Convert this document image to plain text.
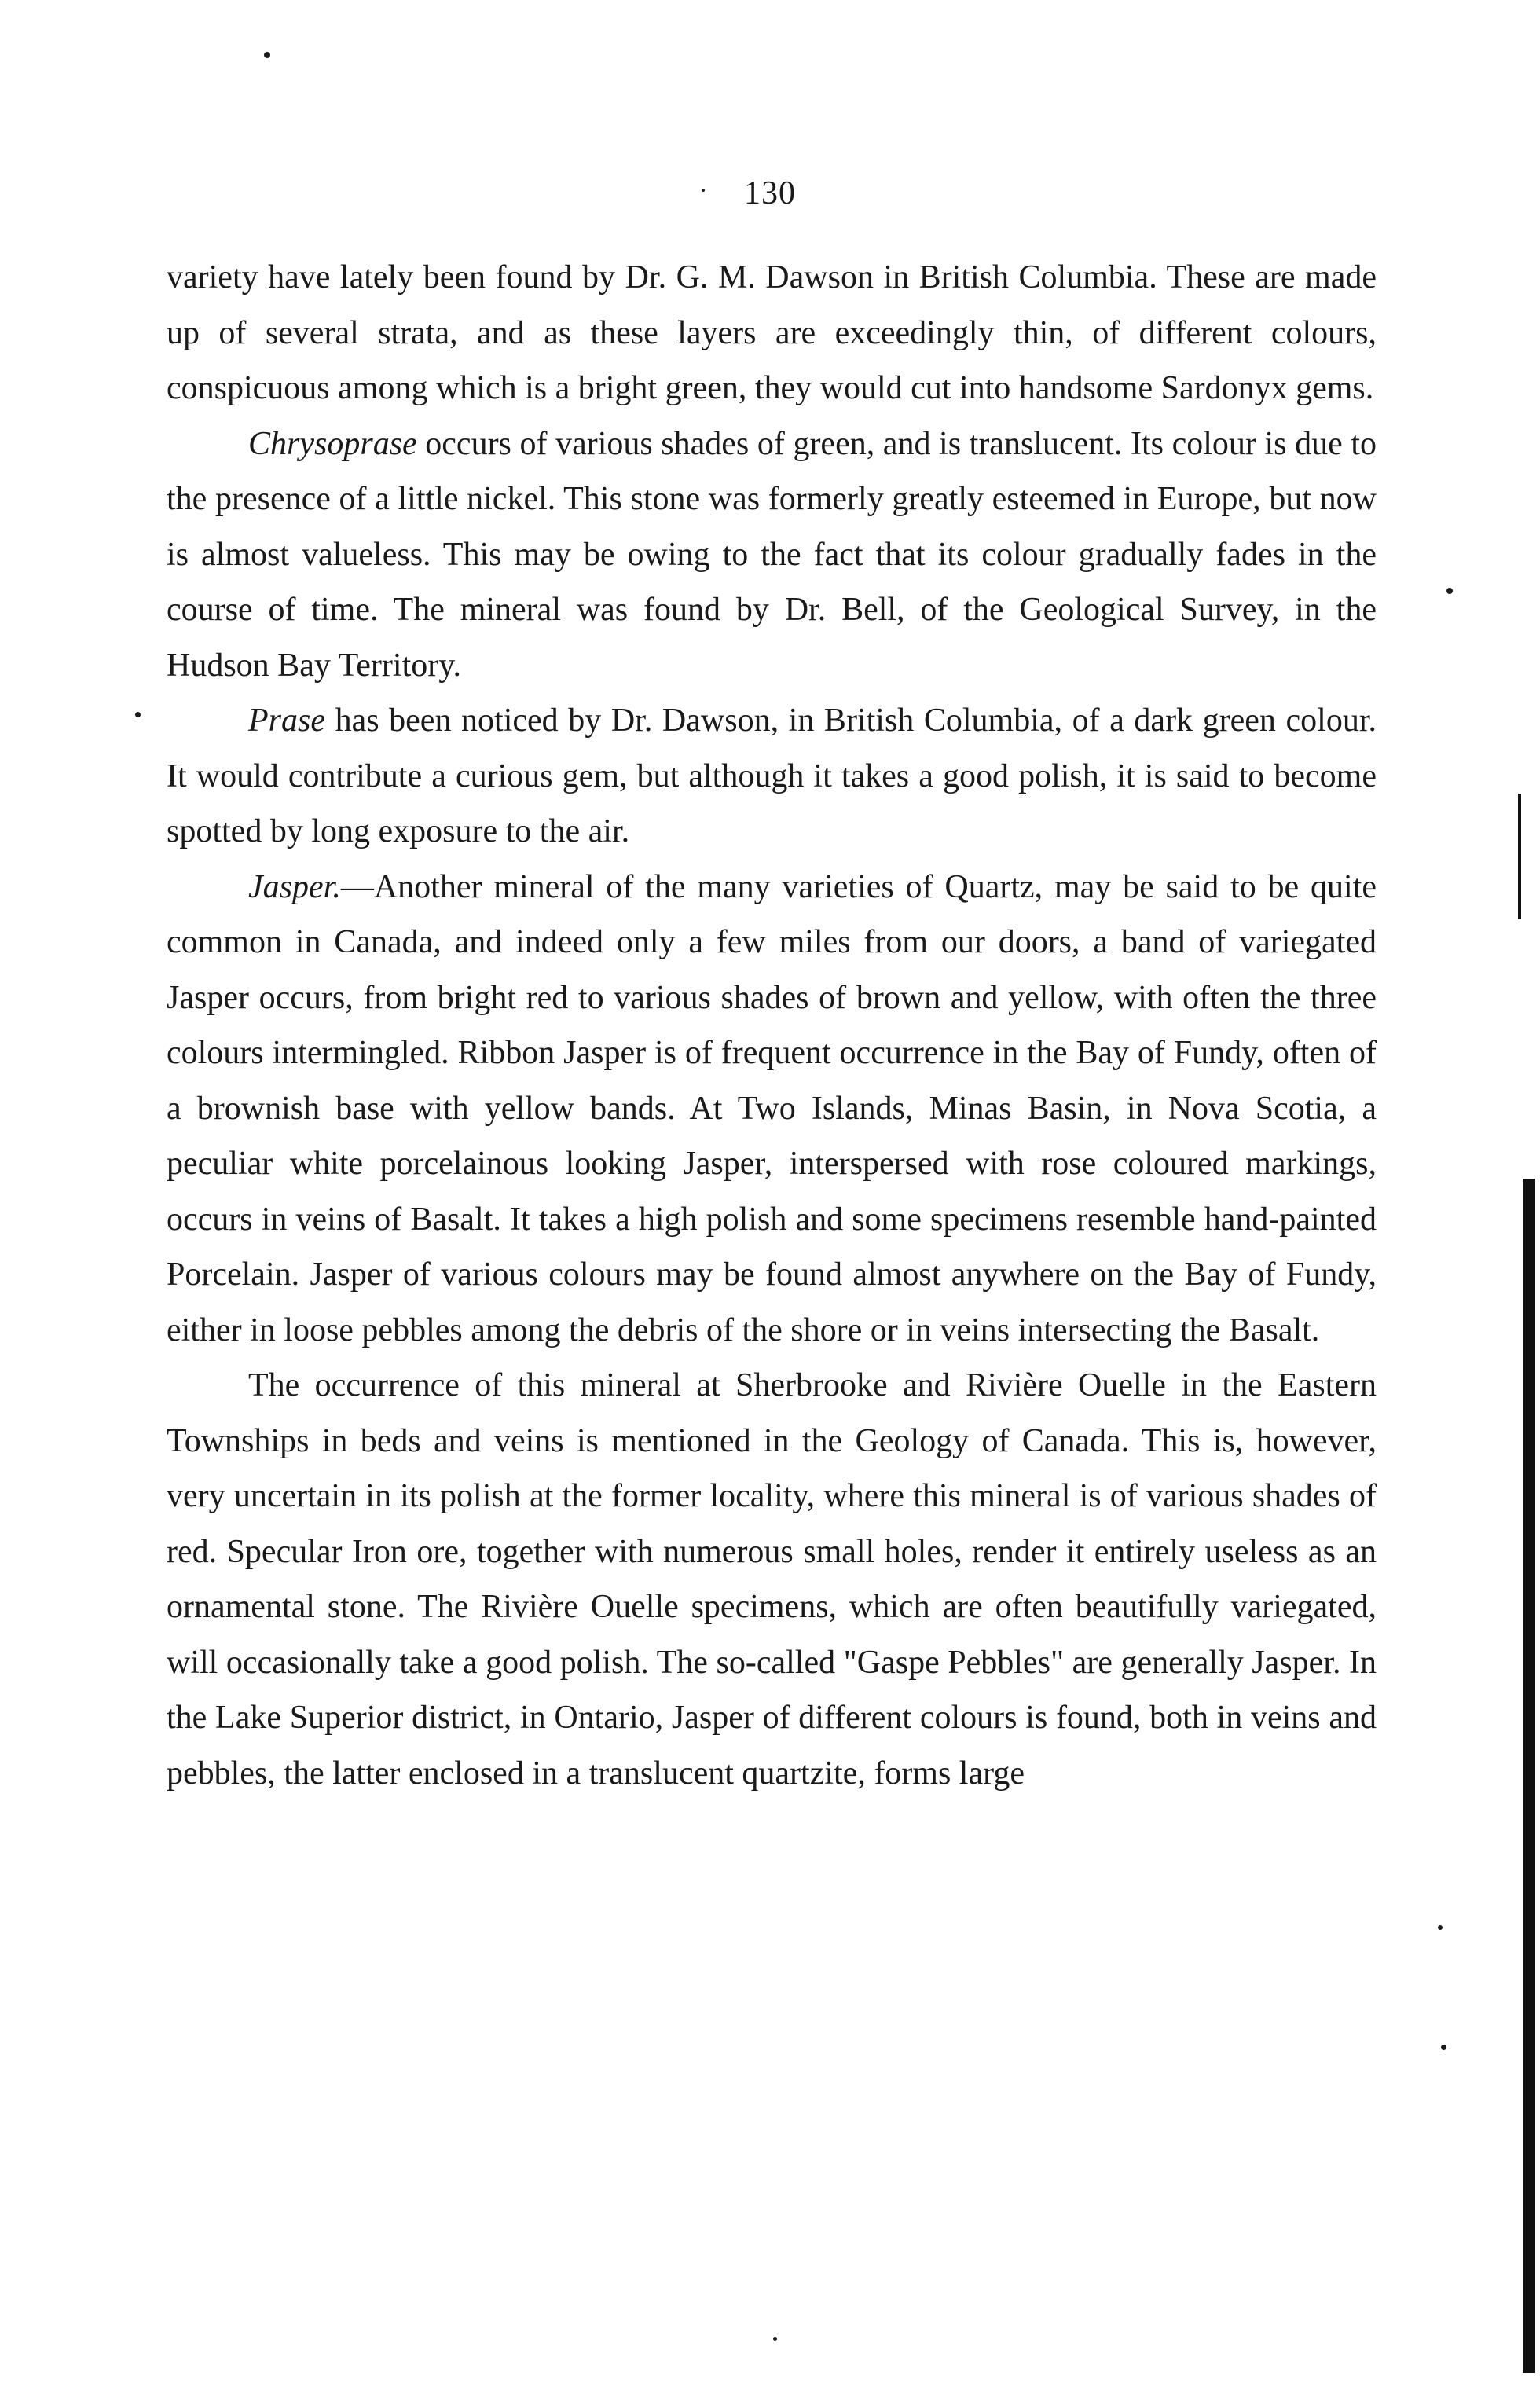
130

variety have lately been found by Dr. G. M. Dawson in British Columbia. These are made up of several strata, and as these layers are exceedingly thin, of different colours, conspicuous among which is a bright green, they would cut into handsome Sardonyx gems.

Chrysoprase occurs of various shades of green, and is translucent. Its colour is due to the presence of a little nickel. This stone was formerly greatly esteemed in Europe, but now is almost valueless. This may be owing to the fact that its colour gradually fades in the course of time. The mineral was found by Dr. Bell, of the Geological Survey, in the Hudson Bay Territory.

Prase has been noticed by Dr. Dawson, in British Columbia, of a dark green colour. It would contribute a curious gem, but although it takes a good polish, it is said to become spotted by long exposure to the air.

Jasper.—Another mineral of the many varieties of Quartz, may be said to be quite common in Canada, and indeed only a few miles from our doors, a band of variegated Jasper occurs, from bright red to various shades of brown and yellow, with often the three colours intermingled. Ribbon Jasper is of frequent occurrence in the Bay of Fundy, often of a brownish base with yellow bands. At Two Islands, Minas Basin, in Nova Scotia, a peculiar white porcelainous looking Jasper, interspersed with rose coloured markings, occurs in veins of Basalt. It takes a high polish and some specimens resemble hand-painted Porcelain. Jasper of various colours may be found almost anywhere on the Bay of Fundy, either in loose pebbles among the debris of the shore or in veins intersecting the Basalt.

The occurrence of this mineral at Sherbrooke and Rivière Ouelle in the Eastern Townships in beds and veins is mentioned in the Geology of Canada. This is, however, very uncertain in its polish at the former locality, where this mineral is of various shades of red. Specular Iron ore, together with numerous small holes, render it entirely useless as an ornamental stone. The Rivière Ouelle specimens, which are often beautifully variegated, will occasionally take a good polish. The so-called "Gaspe Pebbles" are generally Jasper. In the Lake Superior district, in Ontario, Jasper of different colours is found, both in veins and pebbles, the latter enclosed in a translucent quartzite, forms large
